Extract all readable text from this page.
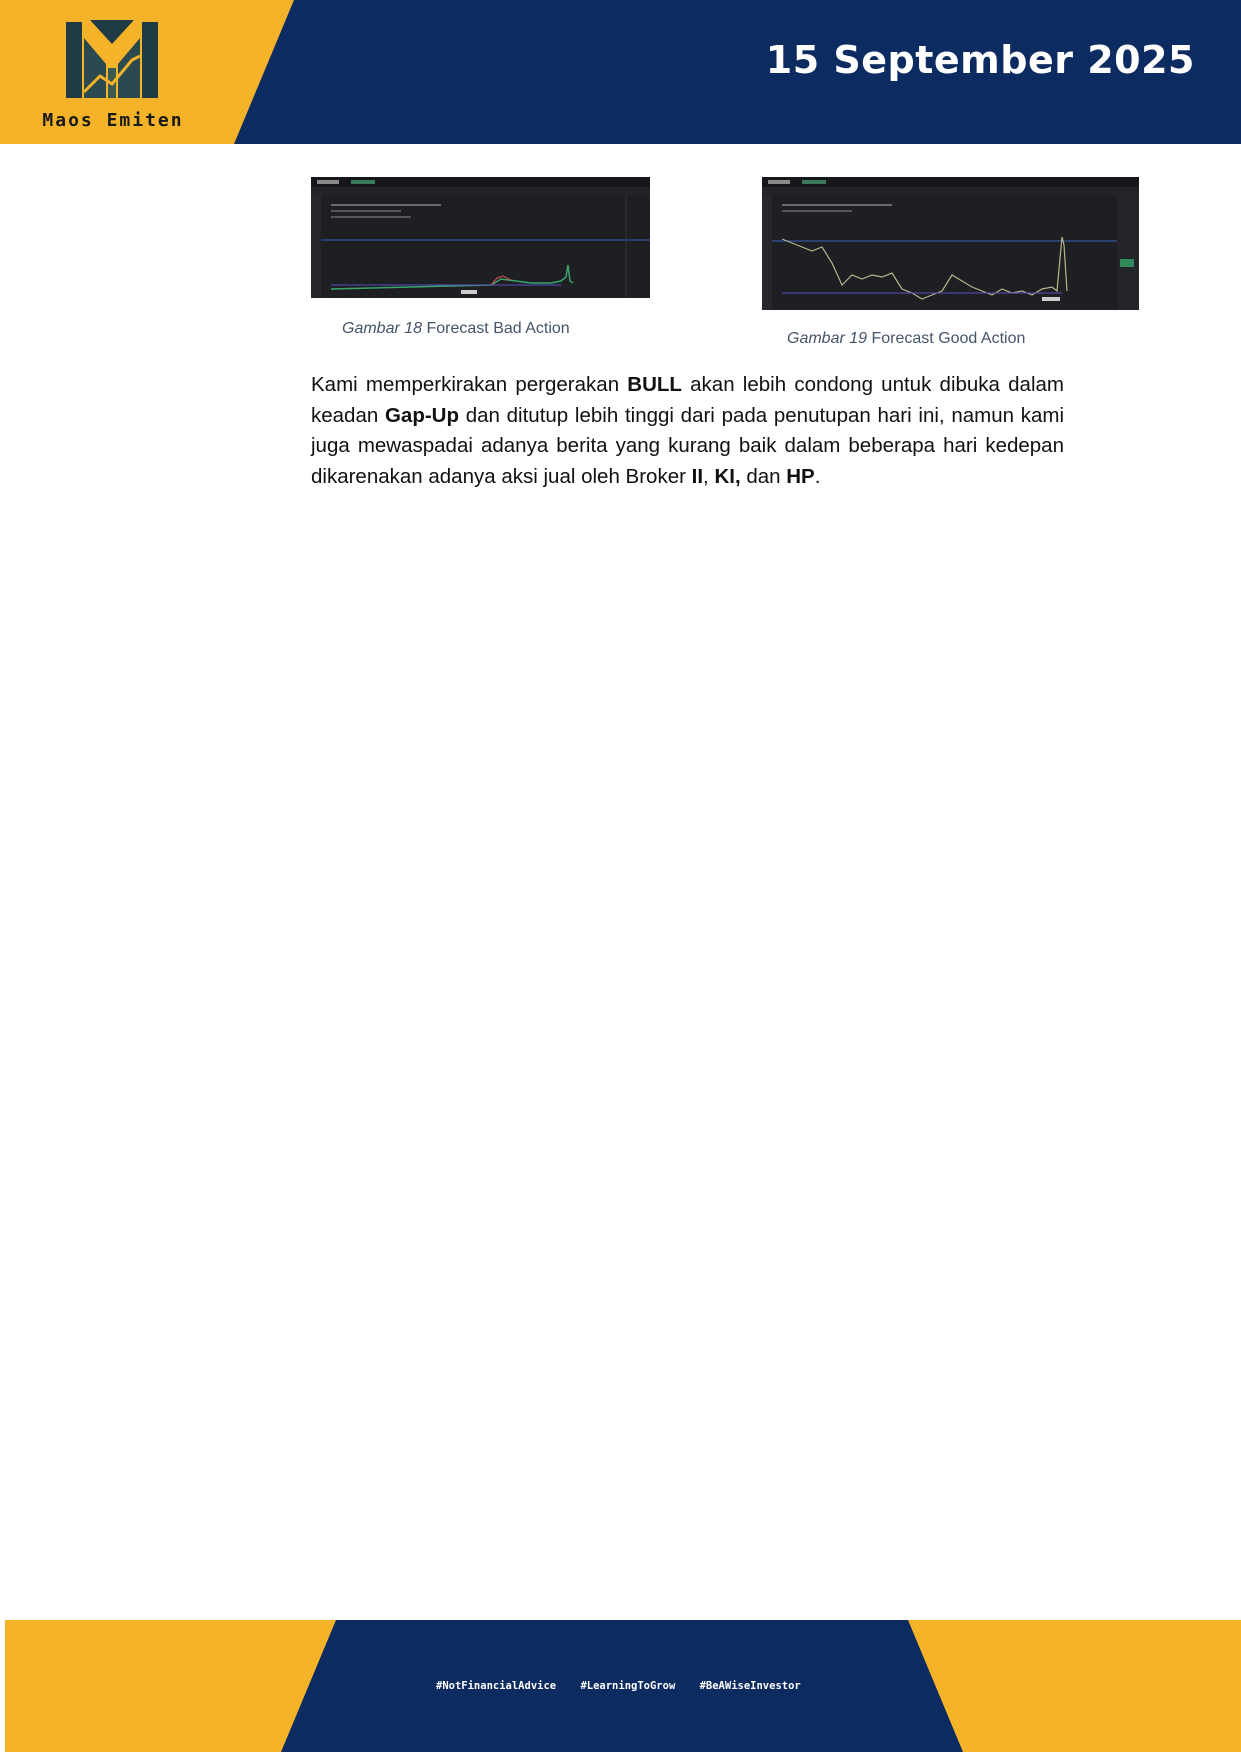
Maos Emiten
15 September 2025
Gambar 18 Forecast Bad Action
Gambar 19 Forecast Good Action

Kami memperkirakan pergerakan BULL akan lebih condong untuk dibuka dalam keadan Gap-Up dan ditutup lebih tinggi dari pada penutupan hari ini, namun kami juga mewaspadai adanya berita yang kurang baik dalam beberapa hari kedepan dikarenakan adanya aksi jual oleh Broker II, KI, dan HP.

#NotFinancialAdvice #LearningToGrow #BeAWiseInvestor
